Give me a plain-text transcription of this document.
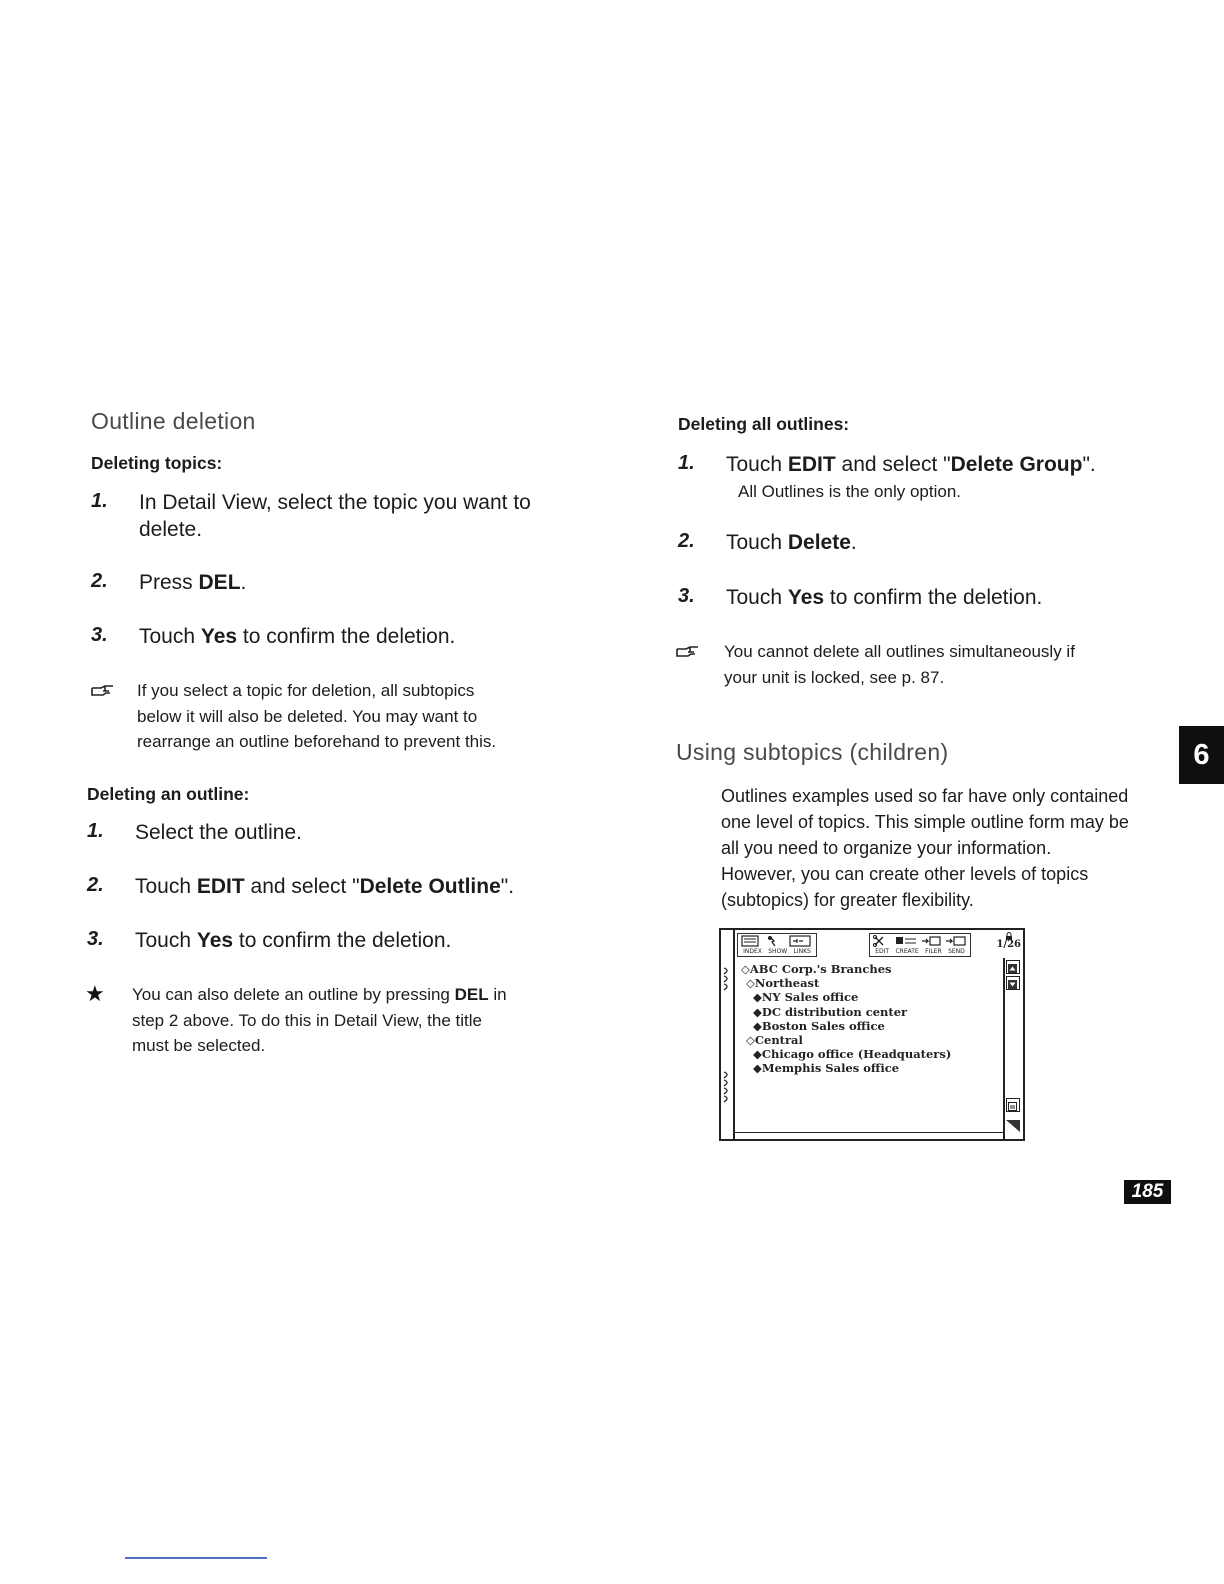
Outline deletion
Deleting topics:
1. In Detail View, select the topic you want to
delete.
2. Press DEL.
3. Touch Yes to confirm the deletion.
If you select a topic for deletion, all subtopics
below it will also be deleted. You may want to
rearrange an outline beforehand to prevent this.
Deleting an outline:
1. Select the outline.
2. Touch EDIT and select "Delete Outline".
3. Touch Yes to confirm the deletion.
★ You can also delete an outline by pressing DEL in
step 2 above. To do this in Detail View, the title
must be selected.
Deleting all outlines:
1. Touch EDIT and select "Delete Group".
All Outlines is the only option.
2. Touch Delete.
3. Touch Yes to confirm the deletion.
You cannot delete all outlines simultaneously if
your unit is locked, see p. 87.
Using subtopics (children)
Outlines examples used so far have only contained
one level of topics. This simple outline form may be
all you need to organize your information.
However, you can create other levels of topics
(subtopics) for greater flexibility.
INDEX SHOW LINKS	EDIT CREATE FILER SEND
1/26
◇ABC Corp.'s Branches
◇Northeast
◆NY Sales office
◆DC distribution center
◆Boston Sales office
◇Central
◆Chicago office (Headquaters)
◆Memphis Sales office
6
185
